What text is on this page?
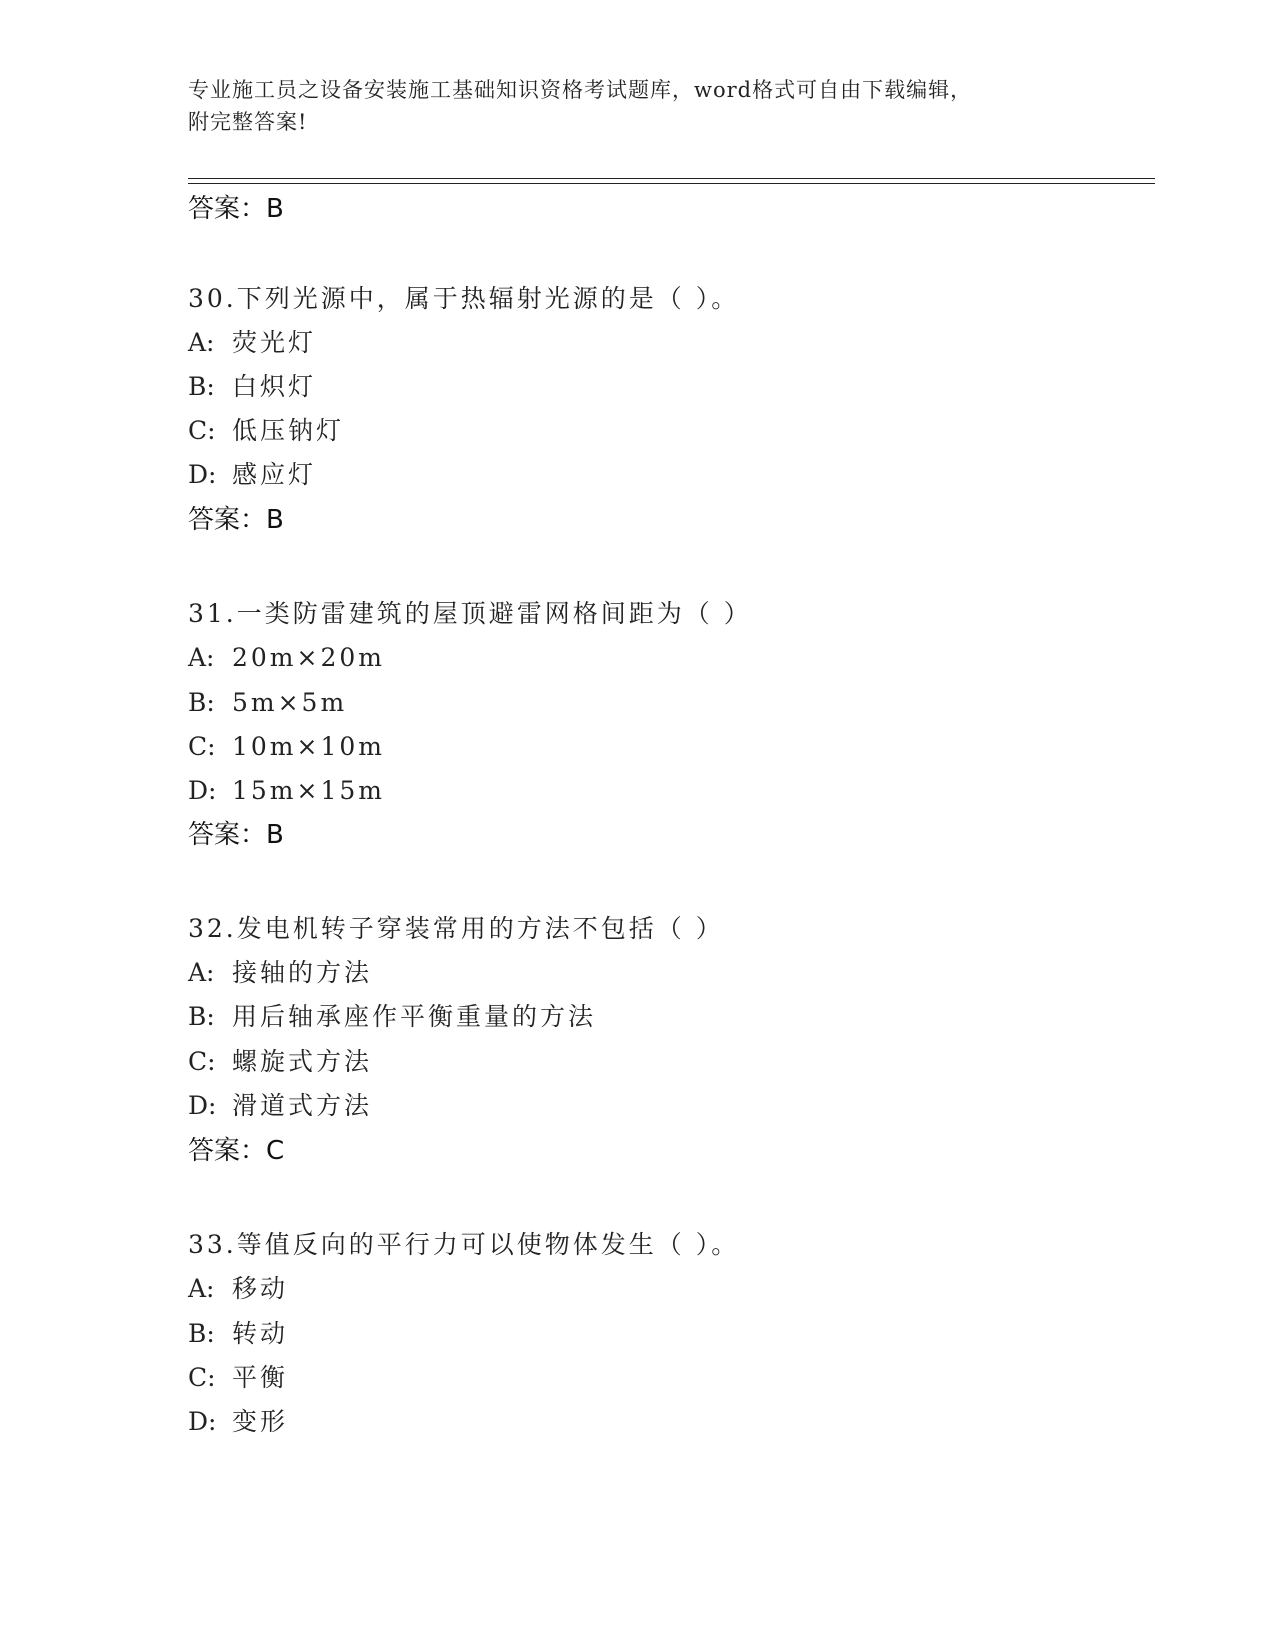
专业施工员之设备安装施工基础知识资格考试题库，word格式可自由下载编辑，
附完整答案!
答案：B
30.下列光源中，属于热辐射光源的是（ ）。
A: 荧光灯
B: 白炽灯
C: 低压钠灯
D: 感应灯
答案：B
31.一类防雷建筑的屋顶避雷网格间距为（ ）
A: 20m×20m
B: 5m×5m
C: 10m×10m
D: 15m×15m
答案：B
32.发电机转子穿装常用的方法不包括（ ）
A: 接轴的方法
B: 用后轴承座作平衡重量的方法
C: 螺旋式方法
D: 滑道式方法
答案：C
33.等值反向的平行力可以使物体发生（ ）。
A: 移动
B: 转动
C: 平衡
D: 变形
